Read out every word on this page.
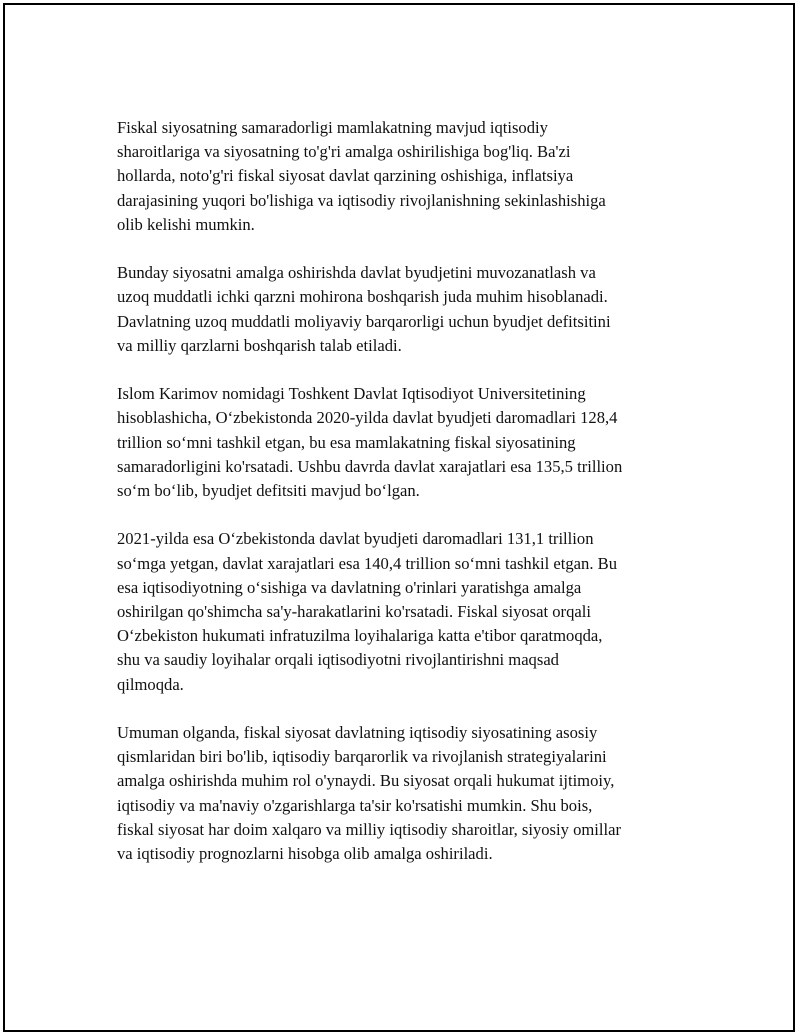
Fiskal siyosatning samaradorligi mamlakatning mavjud iqtisodiy
sharoitlariga va siyosatning to'g'ri amalga oshirilishiga bog'liq. Ba'zi
hollarda, noto'g'ri fiskal siyosat davlat qarzining oshishiga, inflatsiya
darajasining yuqori bo'lishiga va iqtisodiy rivojlanishning sekinlashishiga
olib kelishi mumkin.

Bunday siyosatni amalga oshirishda davlat byudjetini muvozanatlash va
uzoq muddatli ichki qarzni mohirona boshqarish juda muhim hisoblanadi.
Davlatning uzoq muddatli moliyaviy barqarorligi uchun byudjet defitsitini
va milliy qarzlarni boshqarish talab etiladi.

Islom Karimov nomidagi Toshkent Davlat Iqtisodiyot Universitetining
hisoblashicha, O‘zbekistonda 2020-yilda davlat byudjeti daromadlari 128,4
trillion so‘mni tashkil etgan, bu esa mamlakatning fiskal siyosatining
samaradorligini ko'rsatadi. Ushbu davrda davlat xarajatlari esa 135,5 trillion
so‘m bo‘lib, byudjet defitsiti mavjud bo‘lgan.

2021-yilda esa O‘zbekistonda davlat byudjeti daromadlari 131,1 trillion
so‘mga yetgan, davlat xarajatlari esa 140,4 trillion so‘mni tashkil etgan. Bu
esa iqtisodiyotning o‘sishiga va davlatning o'rinlari yaratishga amalga
oshirilgan qo'shimcha sa'y-harakatlarini ko'rsatadi. Fiskal siyosat orqali
O‘zbekiston hukumati infratuzilma loyihalariga katta e'tibor qaratmoqda,
shu va saudiy loyihalar orqali iqtisodiyotni rivojlantirishni maqsad
qilmoqda.

Umuman olganda, fiskal siyosat davlatning iqtisodiy siyosatining asosiy
qismlaridan biri bo'lib, iqtisodiy barqarorlik va rivojlanish strategiyalarini
amalga oshirishda muhim rol o'ynaydi. Bu siyosat orqali hukumat ijtimoiy,
iqtisodiy va ma'naviy o'zgarishlarga ta'sir ko'rsatishi mumkin. Shu bois,
fiskal siyosat har doim xalqaro va milliy iqtisodiy sharoitlar, siyosiy omillar
va iqtisodiy prognozlarni hisobga olib amalga oshiriladi.
